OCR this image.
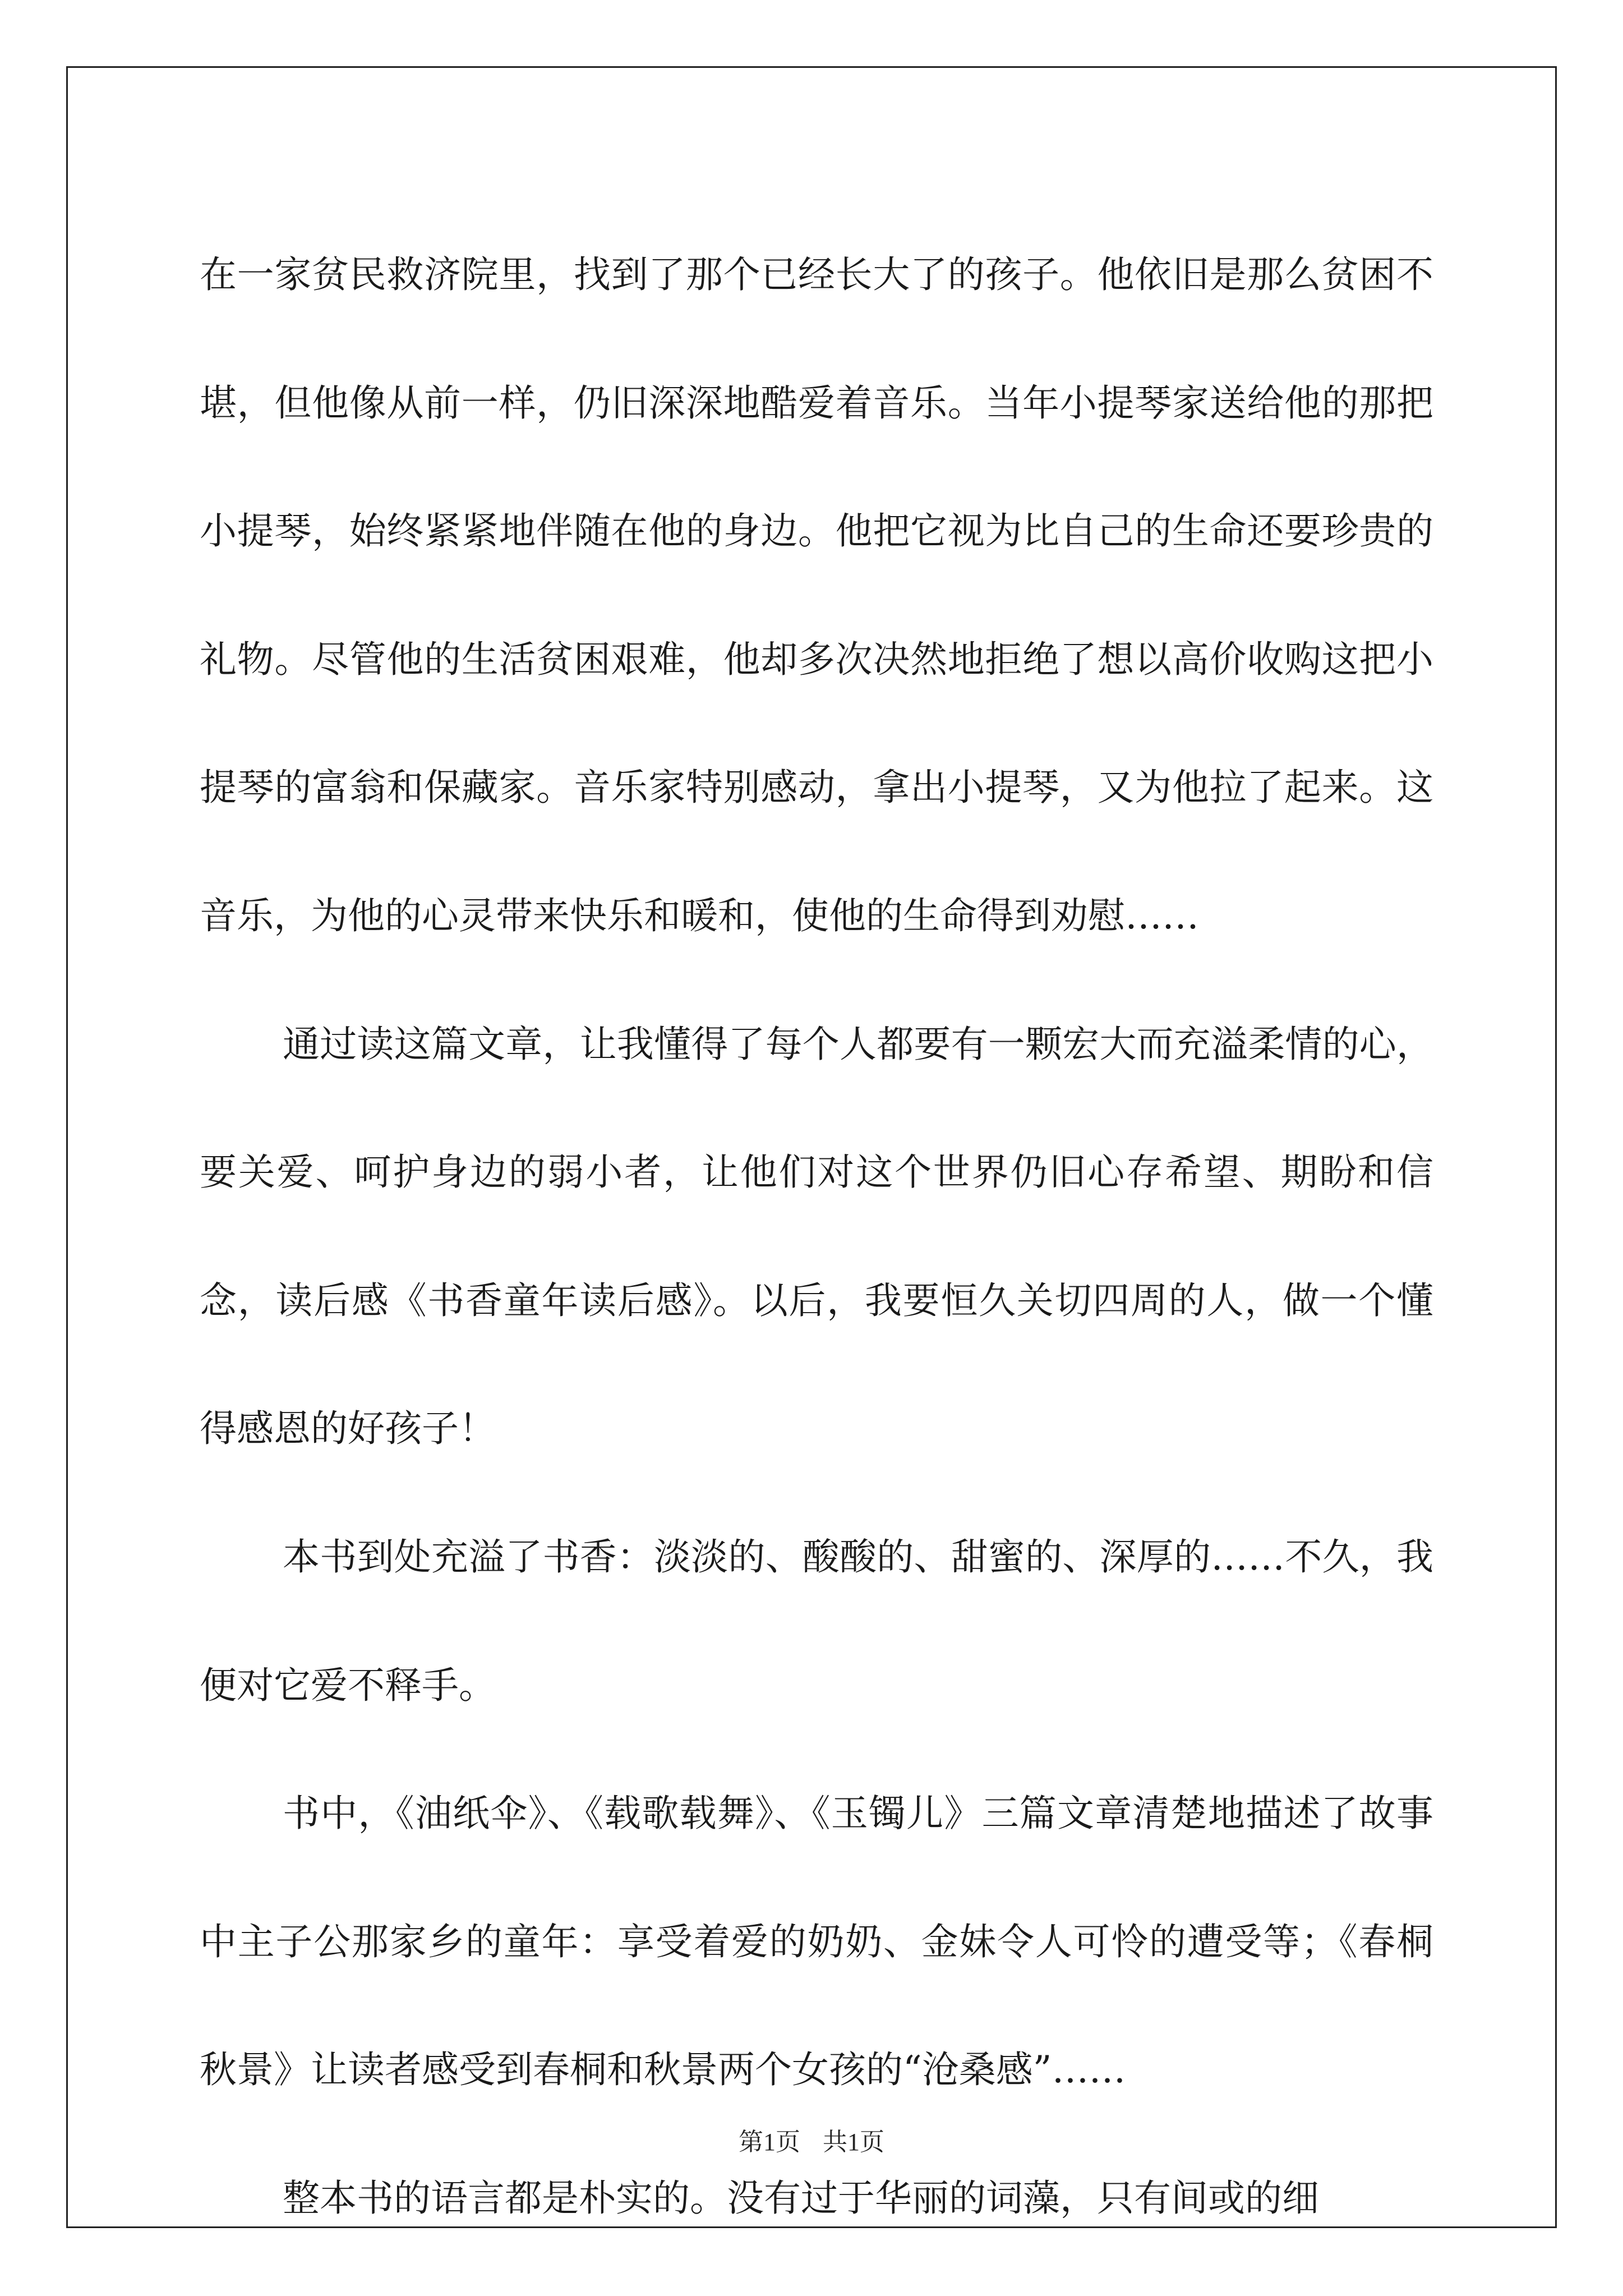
在一家贫民救济院里，找到了那个已经长大了的孩子。他依旧是那么贫困不堪，但他像从前一样，仍旧深深地酷爱着音乐。当年小提琴家送给他的那把小提琴，始终紧紧地伴随在他的身边。他把它视为比自己的生命还要珍贵的礼物。尽管他的生活贫困艰难，他却多次决然地拒绝了想以高价收购这把小提琴的富翁和保藏家。音乐家特别感动，拿出小提琴，又为他拉了起来。这音乐，为他的心灵带来快乐和暖和，使他的生命得到劝慰……

通过读这篇文章，让我懂得了每个人都要有一颗宏大而充溢柔情的心，要关爱、呵护身边的弱小者，让他们对这个世界仍旧心存希望、期盼和信念，读后感《书香童年读后感》。以后，我要恒久关切四周的人，做一个懂得感恩的好孩子！

本书到处充溢了书香：淡淡的、酸酸的、甜蜜的、深厚的……不久，我便对它爱不释手。

书中，《油纸伞》、《载歌载舞》、《玉镯儿》三篇文章清楚地描述了故事中主子公那家乡的童年：享受着爱的奶奶、金妹令人可怜的遭受等；《春桐秋景》让读者感受到春桐和秋景两个女孩的“沧桑感”……

整本书的语言都是朴实的。没有过于华丽的词藻，只有间或的细

第1页 共1页
